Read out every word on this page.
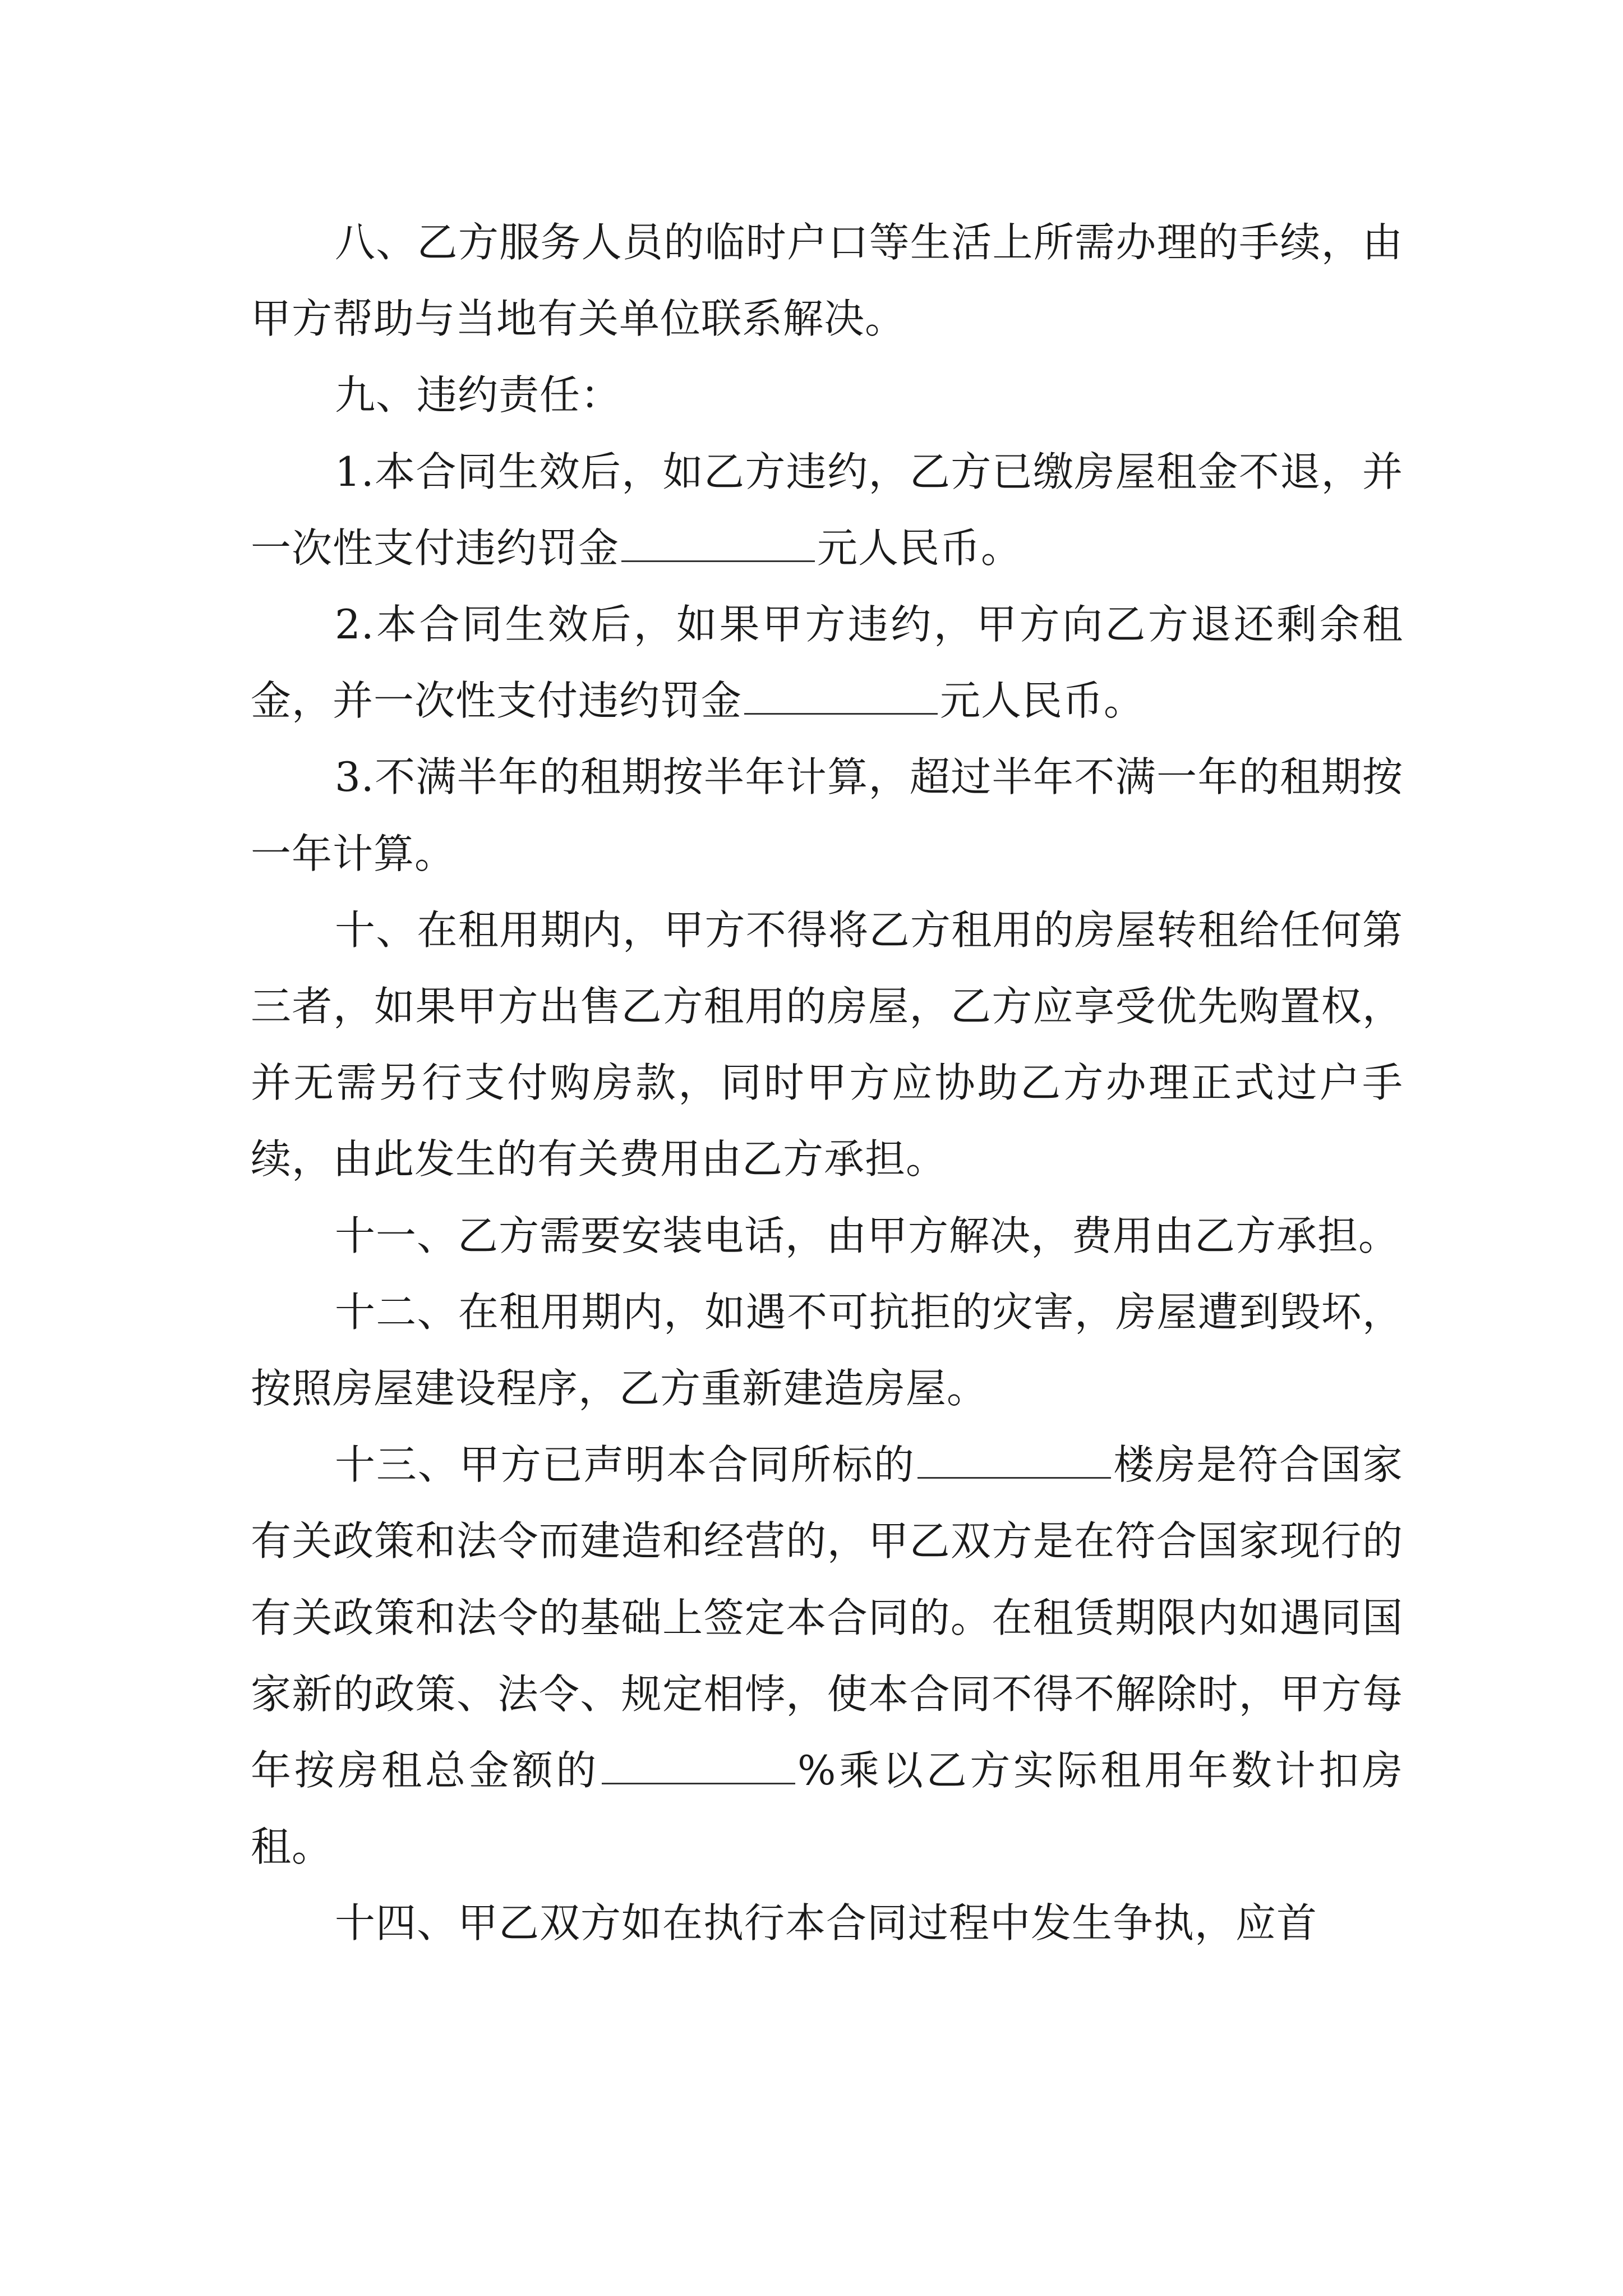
八、乙方服务人员的临时户口等生活上所需办理的手续，由甲方帮助与当地有关单位联系解决。

九、违约责任：

1.本合同生效后，如乙方违约，乙方已缴房屋租金不退，并一次性支付违约罚金	元人民币。

2.本合同生效后，如果甲方违约，甲方向乙方退还剩余租金，并一次性支付违约罚金	元人民币。

3.不满半年的租期按半年计算，超过半年不满一年的租期按一年计算。

十、在租用期内，甲方不得将乙方租用的房屋转租给任何第三者，如果甲方出售乙方租用的房屋，乙方应享受优先购置权，并无需另行支付购房款，同时甲方应协助乙方办理正式过户手续，由此发生的有关费用由乙方承担。

十一、乙方需要安装电话，由甲方解决，费用由乙方承担。

十二、在租用期内，如遇不可抗拒的灾害，房屋遭到毁坏，按照房屋建设程序，乙方重新建造房屋。

十三、甲方已声明本合同所标的	楼房是符合国家有关政策和法令而建造和经营的，甲乙双方是在符合国家现行的有关政策和法令的基础上签定本合同的。在租赁期限内如遇同国家新的政策、法令、规定相悖，使本合同不得不解除时，甲方每年按房租总金额的	%乘以乙方实际租用年数计扣房租。

十四、甲乙双方如在执行本合同过程中发生争执，应首
